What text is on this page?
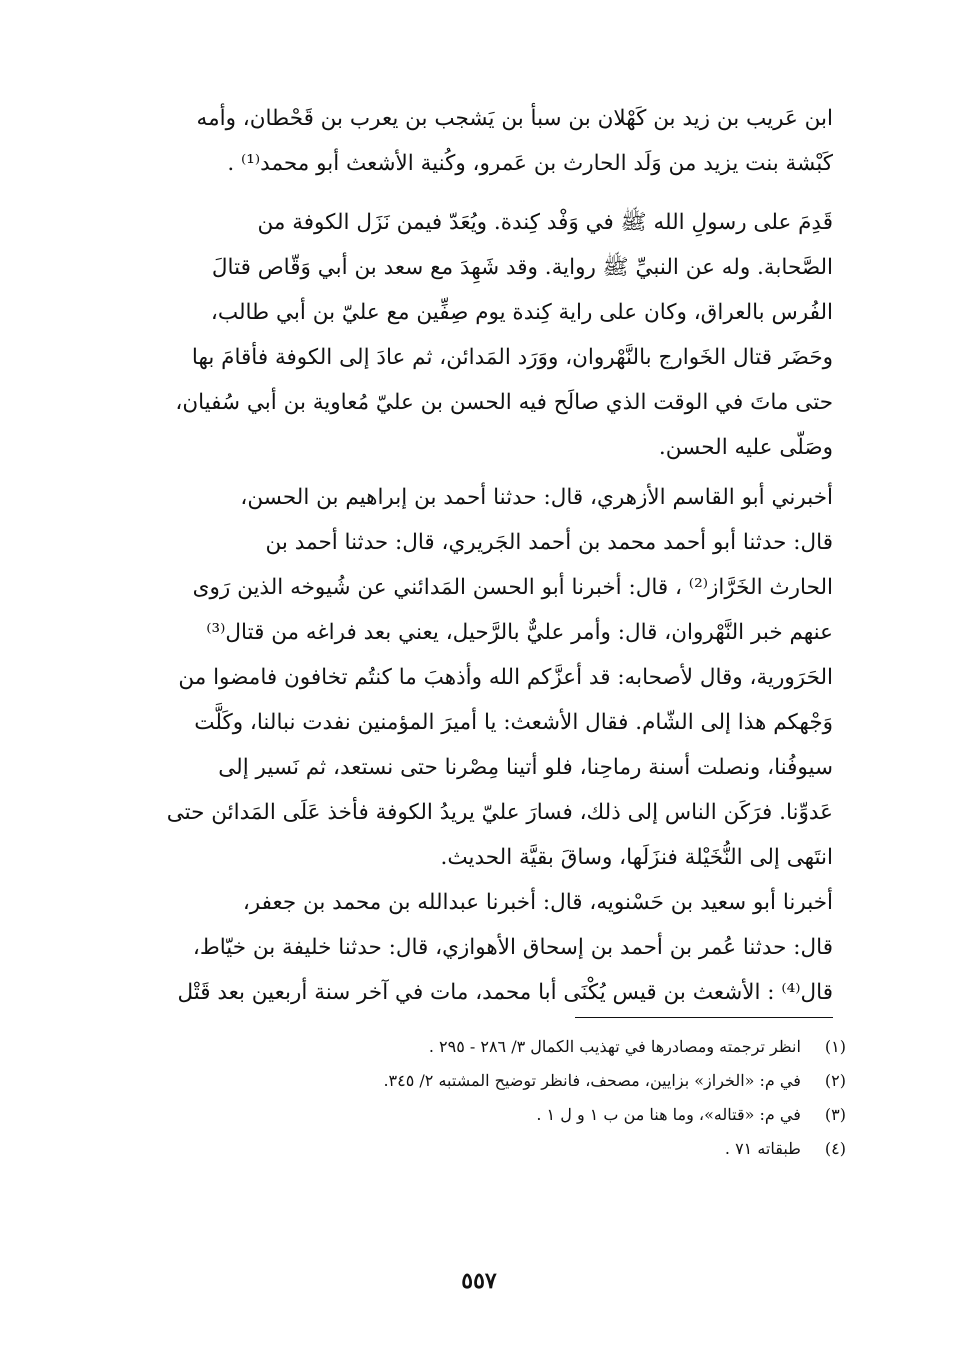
ابن عَريب بن زيد بن كَهْلان بن سبأ بن يَشجب بن يعرب بن قَحْطان، وأمه
كَبْشة بنت يزيد من وَلَد الحارث بن عَمرو، وكُنية الأشعث أبو محمد⁽¹⁾ .
قَدِمَ على رسولِ الله ﷺ في وَفْد كِندة. ويُعَدّ فيمن نَزَل الكوفة من
الصَّحابة. وله عن النبيِّ ﷺ رواية. وقد شَهِدَ مع سعد بن أبي وَقّاص قتالَ
الفُرس بالعراق، وكان على راية كِندة يوم صِفِّين مع عليّ بن أبي طالب،
وحَضَر قتال الخَوارج بالنَّهْروان، ووَرَد المَدائن، ثم عادَ إلى الكوفة فأقامَ بها
حتى ماتَ في الوقت الذي صالَح فيه الحسن بن عليّ مُعاوية بن أبي سُفيان،
وصَلّى عليه الحسن.
أخبرني أبو القاسم الأزهري، قال: حدثنا أحمد بن إبراهيم بن الحسن،
قال: حدثنا أبو أحمد محمد بن أحمد الجَريري، قال: حدثنا أحمد بن
الحارث الخَرَّاز⁽²⁾ ، قال: أخبرنا أبو الحسن المَدائني عن شُيوخه الذين رَوى
عنهم خبر النَّهْروان، قال: وأمر عليٌّ بالرَّحيل، يعني بعد فراغه من قتال⁽³⁾
الحَرَورية، وقال لأصحابه: قد أعزَّكم الله وأذهبَ ما كنتُم تخافون فامضوا من
وَجْهكم هذا إلى الشّام. فقال الأشعث: يا أميرَ المؤمنين نفدت نبالنا، وكَلَّت
سيوفُنا، ونصلت أسنة رماحِنا، فلو أتينا مِصْرنا حتى نستعد، ثم نَسير إلى
عَدوِّنا. فرَكَن الناس إلى ذلك، فسارَ عليّ يريدُ الكوفة فأخذ عَلَى المَدائن حتى
انتَهى إلى النُّخَيْلة فنزَلَها، وساقَ بقيَّة الحديث.
أخبرنا أبو سعيد بن حَسْنويه، قال: أخبرنا عبدالله بن محمد بن جعفر،
قال: حدثنا عُمر بن أحمد بن إسحاق الأهوازي، قال: حدثنا خليفة بن خيّاط،
قال⁽⁴⁾ : الأشعث بن قيس يُكْنَى أبا محمد، مات في آخر سنة أربعين بعد قَتْل
(١) انظر ترجمته ومصادرها في تهذيب الكمال ٣/ ٢٨٦ - ٢٩٥ .
(٢) في م: «الخراز» بزايين، مصحف، فانظر توضيح المشتبه ٢/ ٣٤٥.
(٣) في م: «قتاله»، وما هنا من ب ١ و ل ١ .
(٤) طبقاته ٧١ .
٥٥٧
